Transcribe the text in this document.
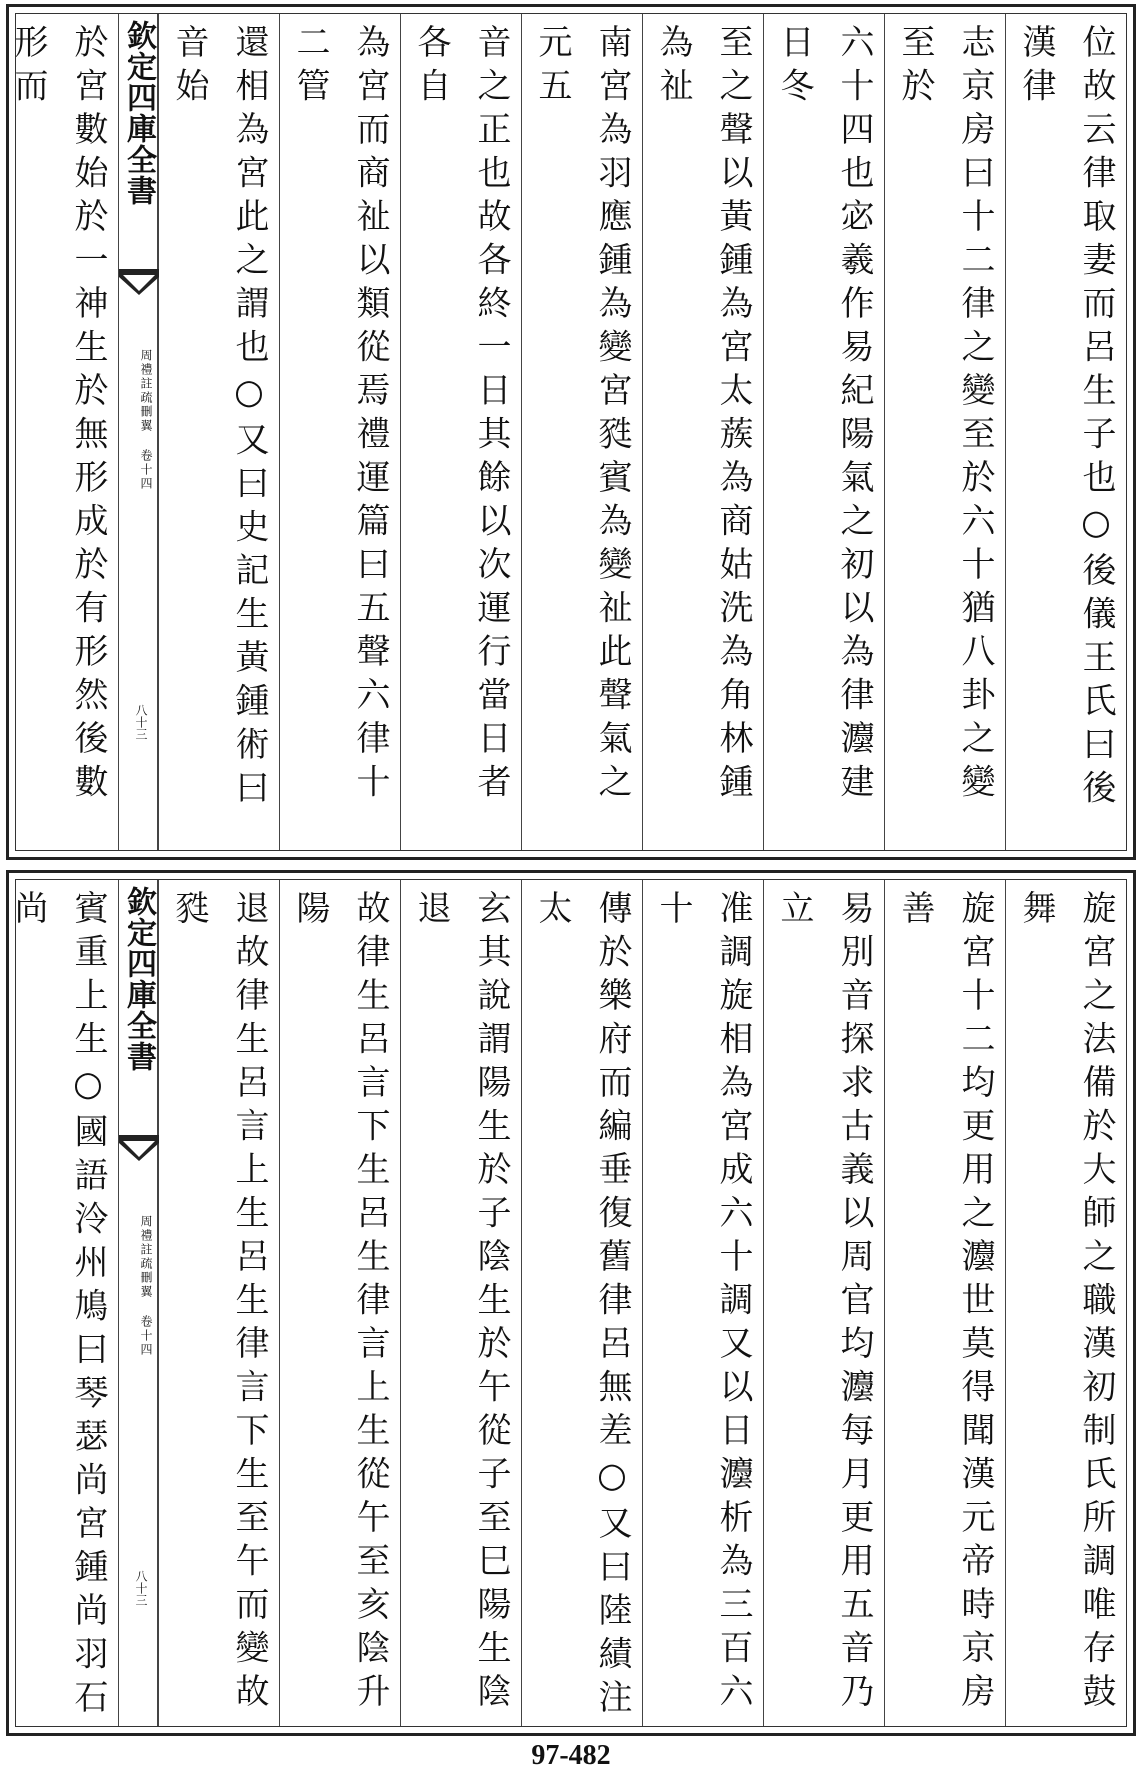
位故云律取妻而呂生子也○後儀王氏曰後漢律
志京房曰十二律之變至於六十猶八卦之變至於
六十四也宓羲作易紀陽氣之初以為律灋建日冬
至之聲以黃鍾為宮太蔟為商姑洗為角林鍾為祉
南宮為羽應鍾為變宮甤賓為變祉此聲氣之元五
音之正也故各終一日其餘以次運行當日者各自
為宮而商祉以類從焉禮運篇曰五聲六律十二管
還相為宮此之謂也○又曰史記生黃鍾術曰音始
欽定四庫全書
周禮註疏刪翼 卷十四
八十三
於宮數始於一神生於無形成於有形然後數形而
旋宮之法備於大師之職漢初制氏所調唯存鼓舞
旋宮十二均更用之灋世莫得聞漢元帝時京房善
易別音探求古義以周官均灋每月更用五音乃立
准調旋相為宮成六十調又以日灋析為三百六十
傳於樂府而編垂復舊律呂無差○又曰陸績注太
玄其說謂陽生於子陰生於午從子至巳陽生陰退
故律生呂言下生呂生律言上生從午至亥陰升陽
退故律生呂言上生呂生律言下生至午而變故甤
欽定四庫全書
周禮註疏刪翼 卷十四
八十三
賓重上生○國語泠州鳩曰琴瑟尚宮鍾尚羽石尚
97-482
